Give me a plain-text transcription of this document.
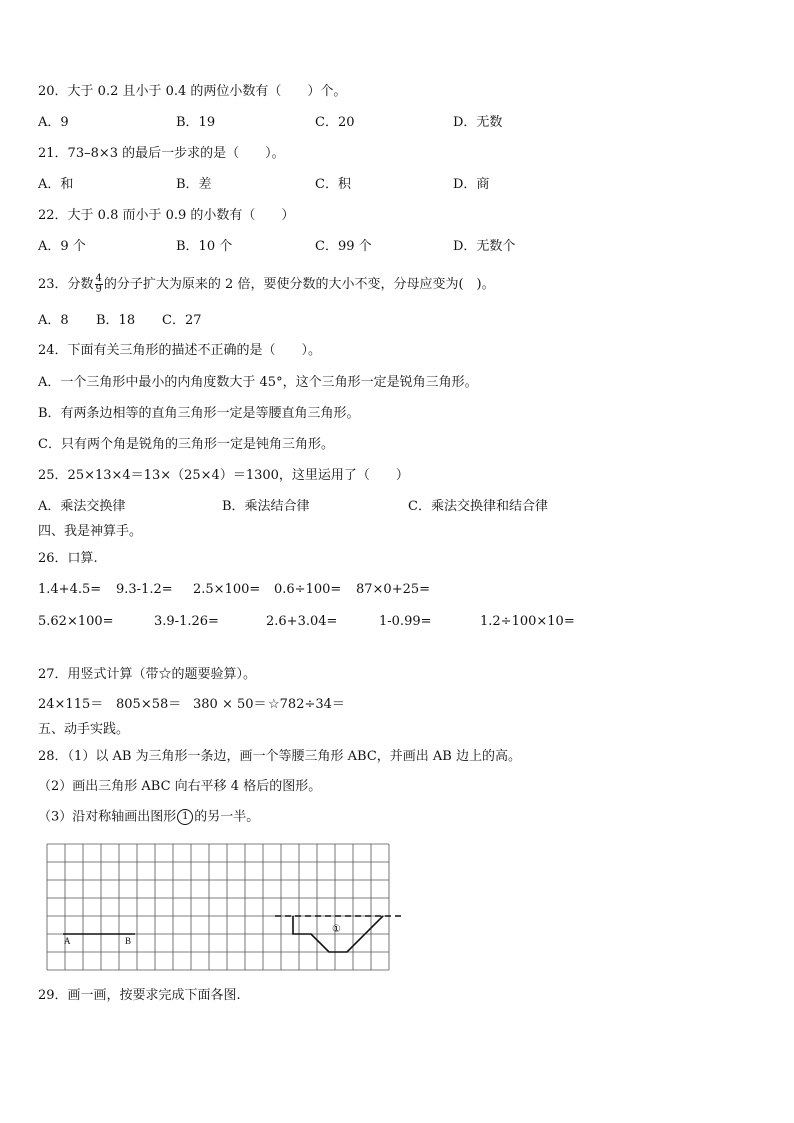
20．大于 0.2 且小于 0.4 的两位小数有（　　）个。
A．9	B．19	C．20	D．无数
21．73–8×3 的最后一步求的是（　　）。
A．和	B．差	C．积	D．商
22．大于 0.8 而小于 0.9 的小数有（　　）
A．9 个	B．10 个	C．99 个	D．无数个
23．分数 $\frac{4}{9}$ 的分子扩大为原来的 2 倍，要使分数的大小不变，分母应变为(　)。
A．8 B．18 C．27
24．下面有关三角形的描述不正确的是（　　）。
A．一个三角形中最小的内角度数大于 45°，这个三角形一定是锐角三角形。
B．有两条边相等的直角三角形一定是等腰直角三角形。
C．只有两个角是锐角的三角形一定是钝角三角形。
25．25×13×4＝13×（25×4）＝1300，这里运用了（　　）
A．乘法交换律	B．乘法结合律	C．乘法交换律和结合律
四、我是神算手。
26．口算.
1.4+4.5= 9.3-1.2= 2.5×100= 0.6÷100= 87×0+25=
5.62×100=	3.9-1.26=	2.6+3.04=	1-0.99=	1.2÷100×10=
27．用竖式计算（带☆的题要验算）。
24×115＝ 805×58＝ 380 × 50＝ ☆782÷34＝
五、动手实践。
28．（1）以 AB 为三角形一条边，画一个等腰三角形 ABC，并画出 AB 边上的高。
（2）画出三角形 ABC 向右平移 4 格后的图形。
（3）沿对称轴画出图形 1 的另一半。
A	B
①
29．画一画，按要求完成下面各图.
